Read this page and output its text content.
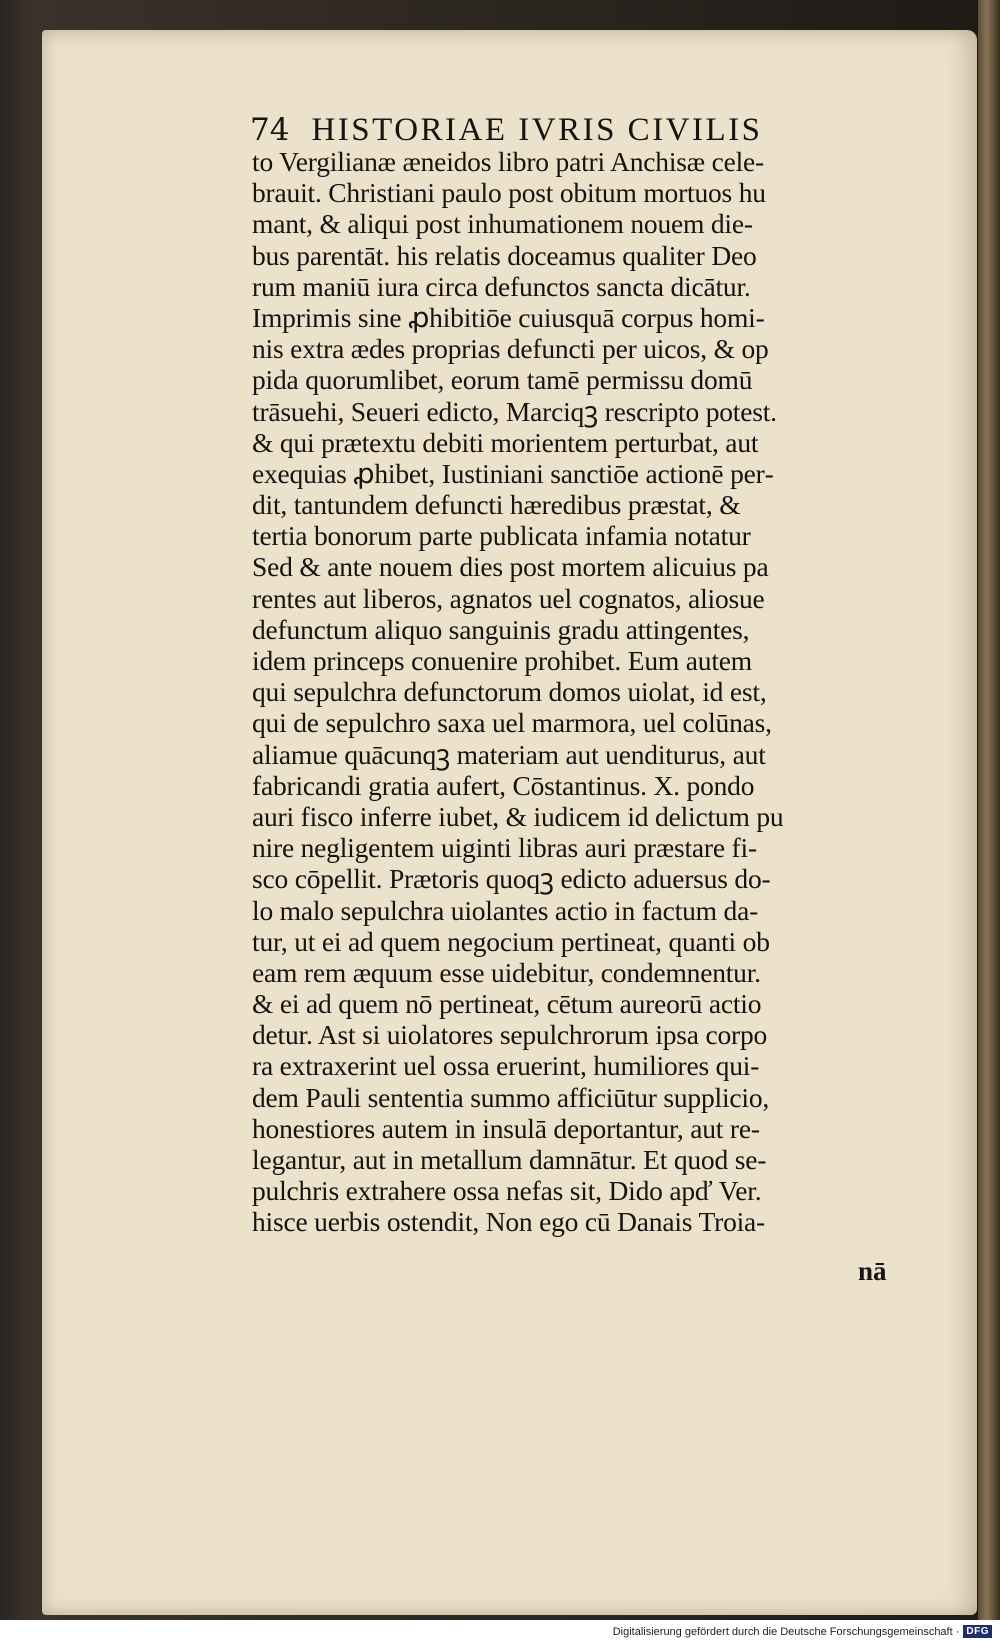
74 HISTORIAE IVRIS CIVILIS
to Vergilianæ æneidos libro patri Anchisæ cele‐
brauit. Christiani paulo post obitum mortuos hu
mant, & aliqui post inhumationem nouem die‐
bus parentāt. his relatis doceamus qualiter Deo
rum maniū iura circa defunctos sancta dicātur.
Imprimis sine ꝓhibitiōe cuiusquā corpus homi‐
nis extra ædes proprias defuncti per uicos, & op
pida quorumlibet, eorum tamē permissu domū
trāsuehi, Seueri edicto, Marciqꝫ rescripto potest.
& qui prætextu debiti morientem perturbat, aut
exequias ꝓhibet, Iustiniani sanctiōe actionē per‐
dit, tantundem defuncti hæredibus præstat, &
tertia bonorum parte publicata infamia notatur
Sed & ante nouem dies post mortem alicuius pa
rentes aut liberos, agnatos uel cognatos, aliosue
defunctum aliquo sanguinis gradu attingentes,
idem princeps conuenire prohibet. Eum autem
qui sepulchra defunctorum domos uiolat, id est,
qui de sepulchro saxa uel marmora, uel colūnas,
aliamue quācunqꝫ materiam aut uenditurus, aut
fabricandi gratia aufert, Cōstantinus. X. pondo
auri fisco inferre iubet, & iudicem id delictum pu
nire negligentem uiginti libras auri præstare fi‐
sco cōpellit. Prætoris quoqꝫ edicto aduersus do‐
lo malo sepulchra uiolantes actio in factum da‐
tur, ut ei ad quem negocium pertineat, quanti ob
eam rem æquum esse uidebitur, condemnentur.
& ei ad quem nō pertineat, cētum aureorū actio
detur. Ast si uiolatores sepulchrorum ipsa corpo
ra extraxerint uel ossa eruerint, humiliores qui‐
dem Pauli sententia summo afficiūtur supplicio,
honestiores autem in insulā deportantur, aut re‐
legantur, aut in metallum damnātur. Et quod se‐
pulchris extrahere ossa nefas sit, Dido apď Ver.
hisce uerbis ostendit, Non ego cū Danais Troia‐
nā
Digitalisierung gefördert durch die Deutsche Forschungsgemeinschaft · DFG
